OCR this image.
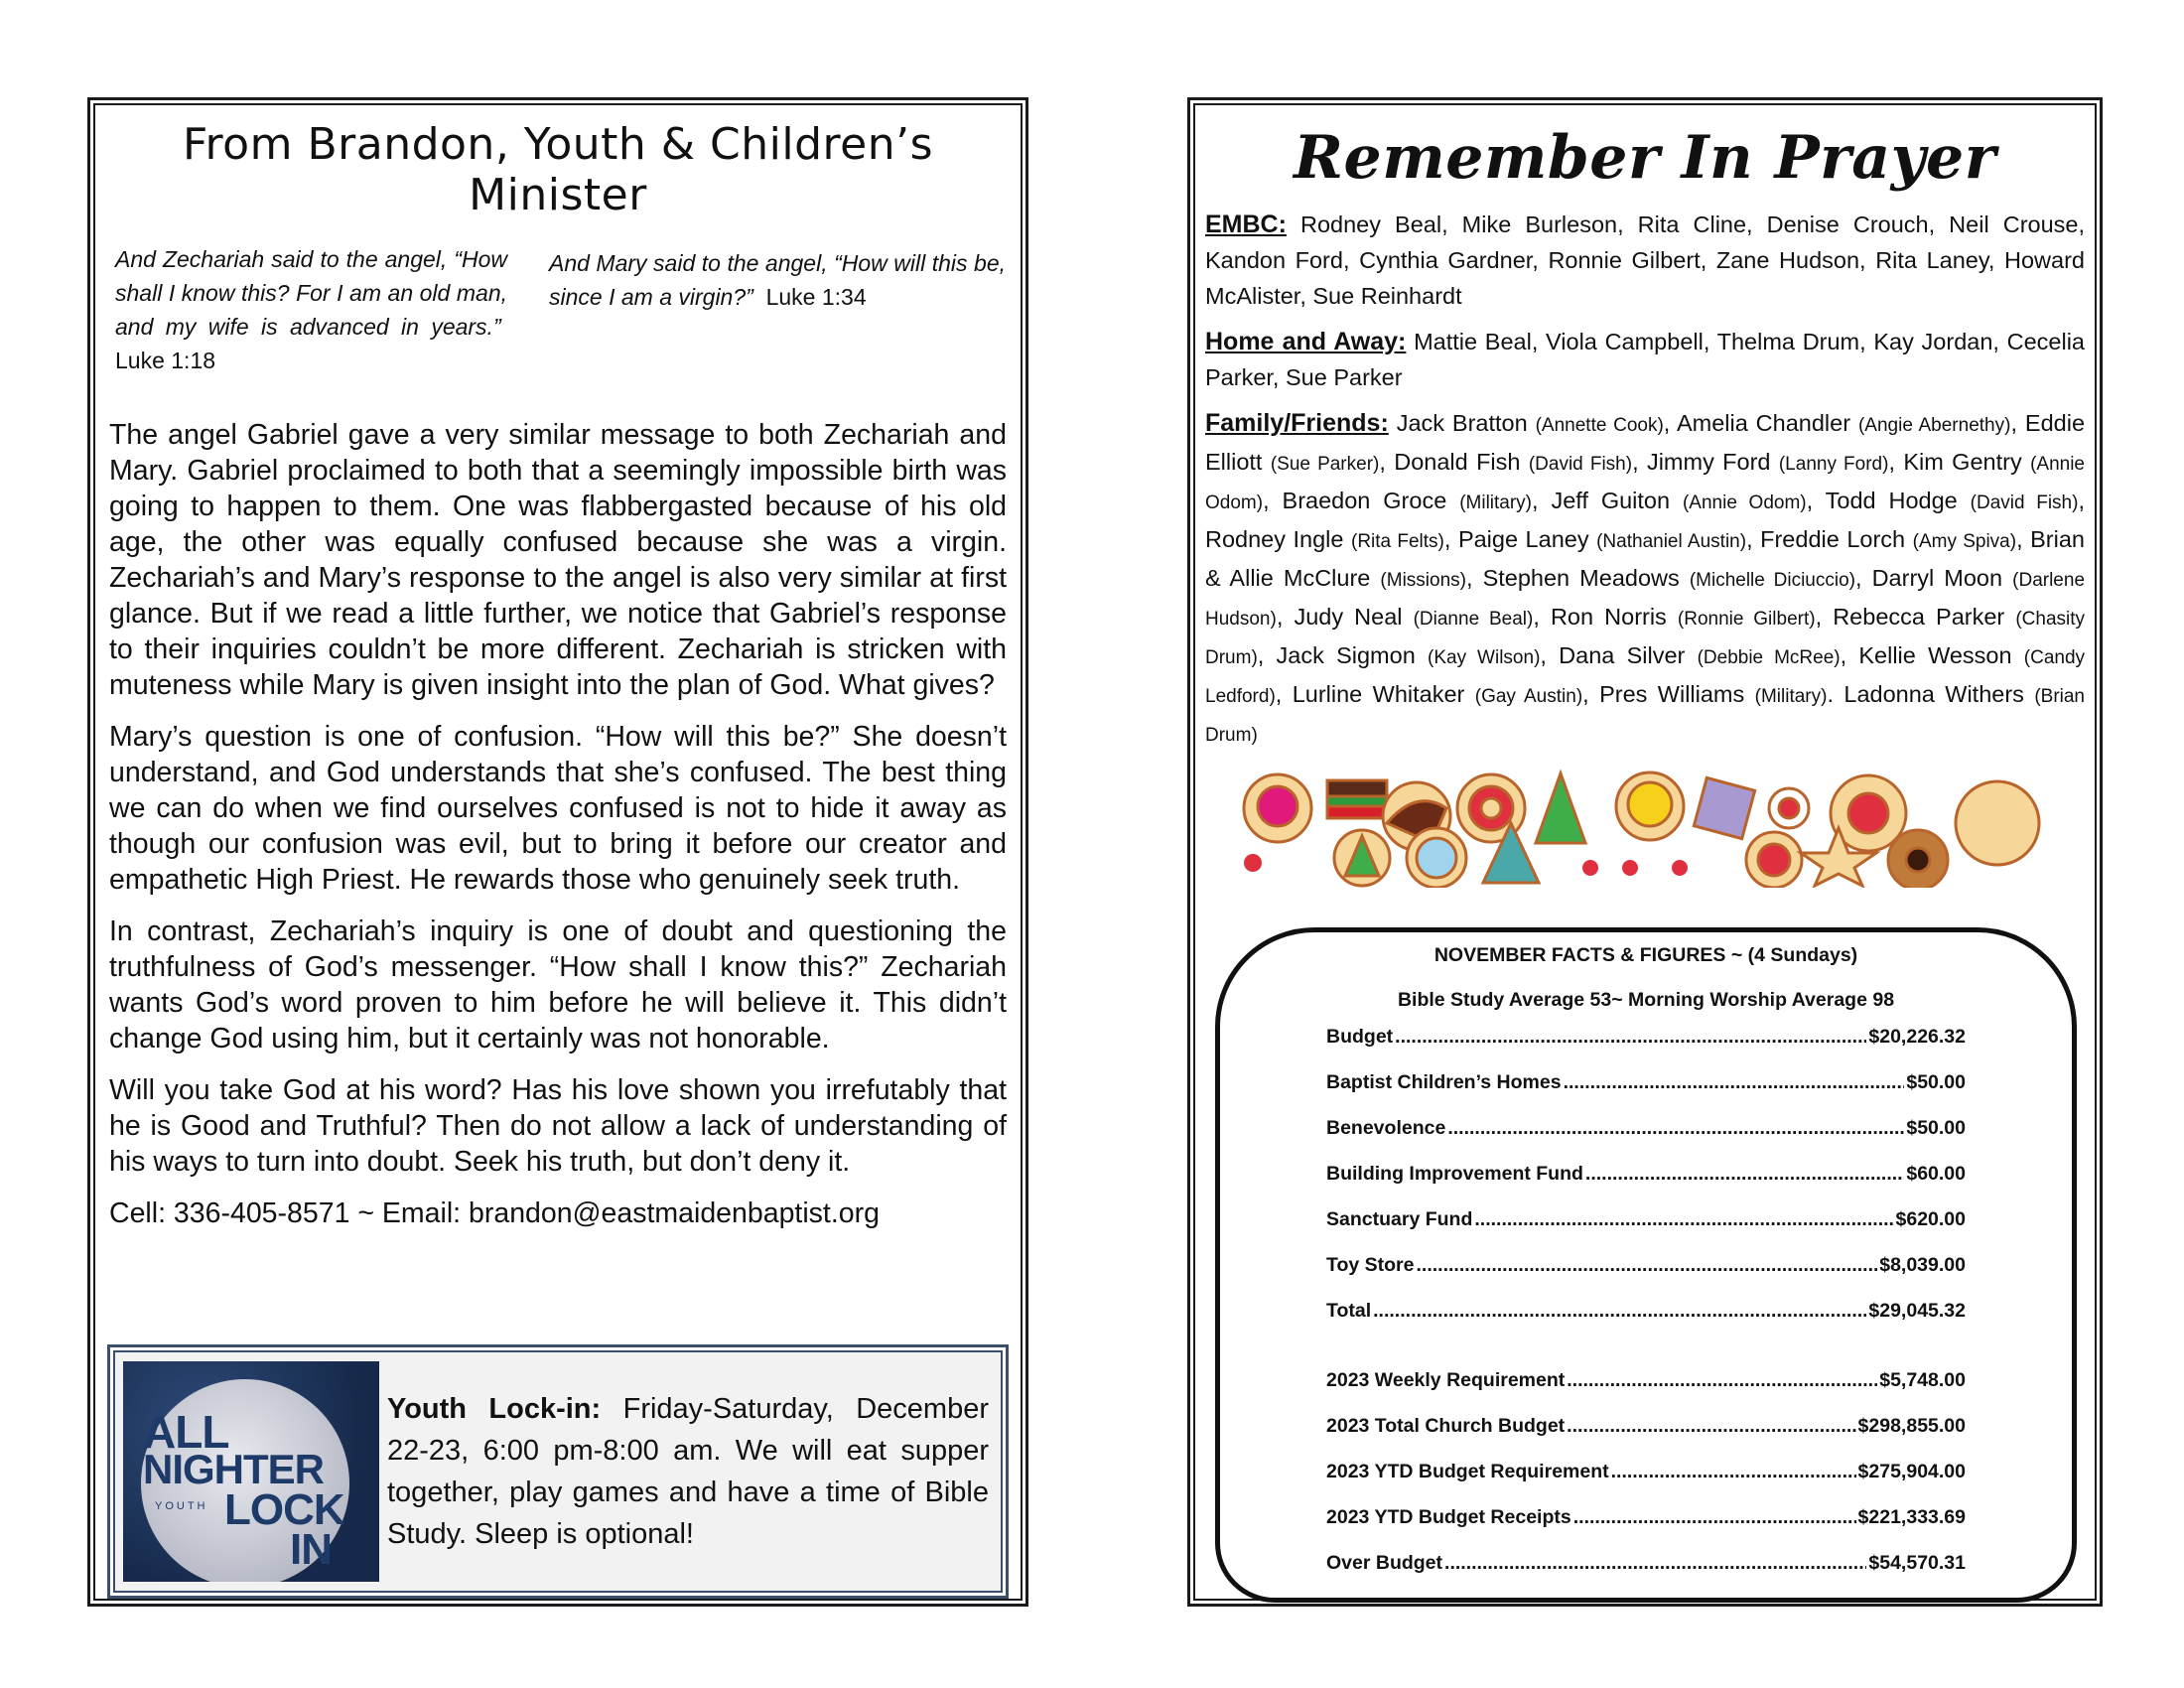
From Brandon, Youth & Children’s Minister
And Zechariah said to the angel, “How shall I know this? For I am an old man, and my wife is advanced in years.”  Luke 1:18
And Mary said to the angel, “How will this be, since I am a virgin?” Luke 1:34

The angel Gabriel gave a very similar message to both Zechariah and Mary. Gabriel proclaimed to both that a seemingly impossible birth was going to happen to them. One was flabbergasted because of his old age, the other was equally confused because she was a virgin. Zechariah’s and Mary’s response to the angel is also very similar at first glance. But if we read a little further, we notice that Gabriel’s response to their inquiries couldn’t be more different. Zechariah is stricken with muteness while Mary is given insight into the plan of God. What gives?

Mary’s question is one of confusion. “How will this be?” She doesn’t understand, and God understands that she’s confused. The best thing we can do when we find ourselves confused is not to hide it away as though our confusion was evil, but to bring it before our creator and empathetic High Priest. He rewards those who genuinely seek truth.

In contrast, Zechariah’s inquiry is one of doubt and questioning the truthfulness of God’s messenger. “How shall I know this?” Zechariah wants God’s word proven to him before he will believe it. This didn’t change God using him, but it certainly was not honorable.

Will you take God at his word? Has his love shown you irrefutably that he is Good and Truthful? Then do not allow a lack of understanding of his ways to turn into doubt. Seek his truth, but don’t deny it.

Cell: 336-405-8571 ~ Email: brandon@eastmaidenbaptist.org
ALL
NIGHTER
YOUTH LOCK
IN
Youth Lock-in: Friday-Saturday, December 22-23, 6:00 pm-8:00 am. We will eat supper together, play games and have a time of Bible Study. Sleep is optional!
Remember In Prayer

EMBC: Rodney Beal, Mike Burleson, Rita Cline, Denise Crouch, Neil Crouse, Kandon Ford, Cynthia Gardner, Ronnie Gilbert, Zane Hudson, Rita Laney, Howard McAlister, Sue Reinhardt

Home and Away: Mattie Beal, Viola Campbell, Thelma Drum, Kay Jordan, Cecelia Parker, Sue Parker

Family/Friends: Jack Bratton (Annette Cook), Amelia Chandler (Angie Abernethy), Eddie Elliott (Sue Parker), Donald Fish (David Fish), Jimmy Ford (Lanny Ford), Kim Gentry (Annie Odom), Braedon Groce (Military), Jeff Guiton (Annie Odom), Todd Hodge (David Fish), Rodney Ingle (Rita Felts), Paige Laney (Nathaniel Austin), Freddie Lorch (Amy Spiva), Brian & Allie McClure (Missions), Stephen Meadows (Michelle Diciuccio), Darryl Moon (Darlene Hudson), Judy Neal (Dianne Beal), Ron Norris (Ronnie Gilbert), Rebecca Parker (Chasity Drum), Jack Sigmon (Kay Wilson), Dana Silver (Debbie McRee), Kellie Wesson (Candy Ledford), Lurline Whitaker (Gay Austin), Pres Williams (Military). Ladonna Withers (Brian Drum)

NOVEMBER FACTS & FIGURES ~ (4 Sundays)
Bible Study Average 53~ Morning Worship Average 98
Budget .....	$20,226.32
Baptist Children’s Homes .....	$50.00
Benevolence .....	$50.00
Building Improvement Fund .....	$60.00
Sanctuary Fund .....	$620.00
Toy Store .....	$8,039.00
Total .....	$29,045.32
2023 Weekly Requirement .....	$5,748.00
2023 Total Church Budget .....	$298,855.00
2023 YTD Budget Requirement .....	$275,904.00
2023 YTD Budget Receipts .....	$221,333.69
Over Budget .....	$54,570.31
